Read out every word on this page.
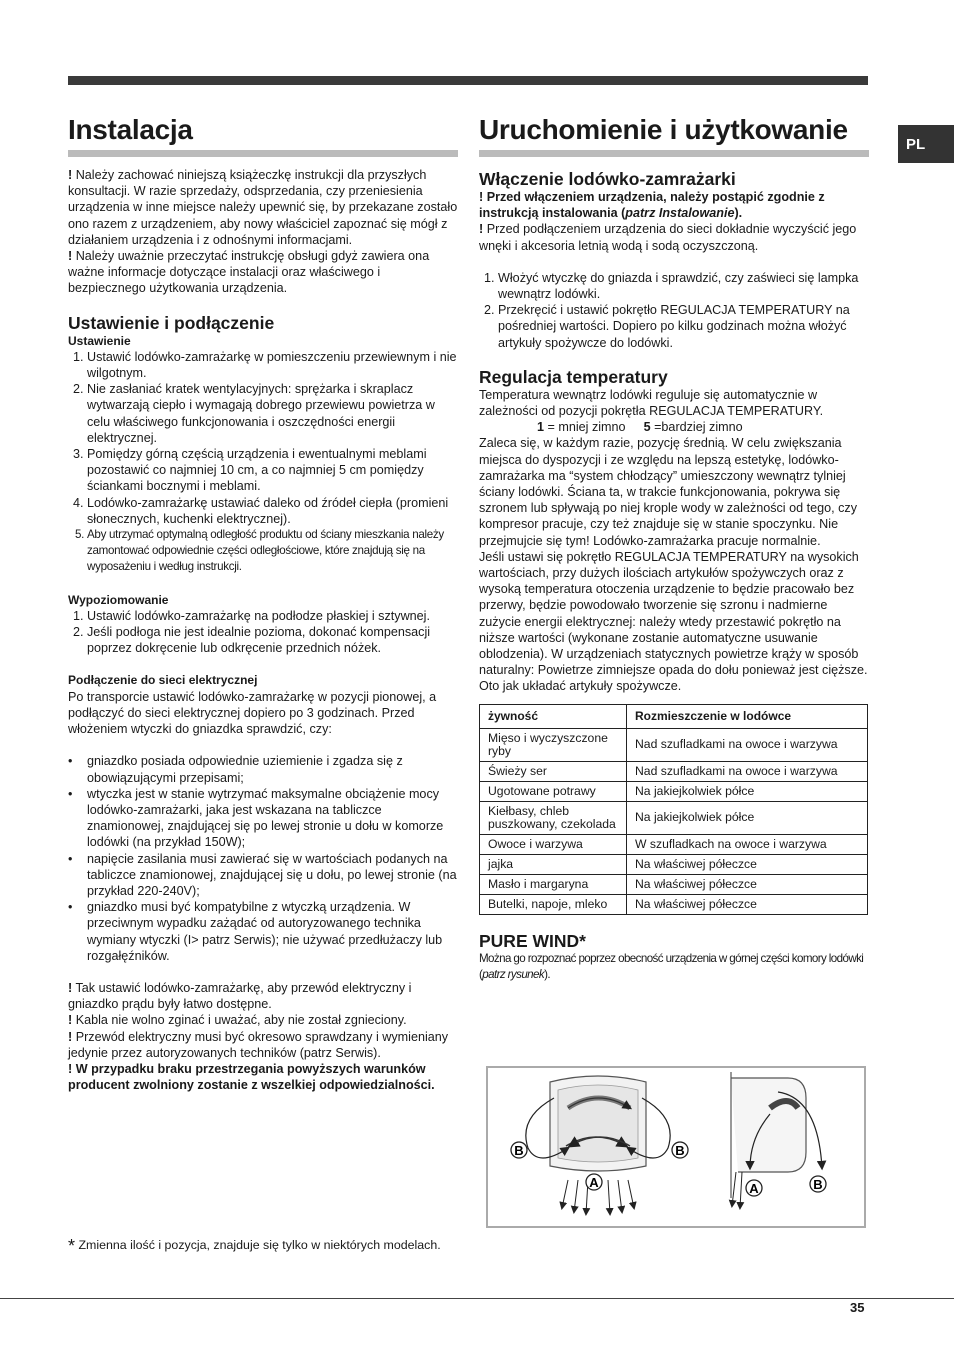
PL
Instalacja

! Należy zachować niniejszą książeczkę instrukcji dla przyszłych konsultacji. W razie sprzedaży, odsprzedania, czy przeniesienia urządzenia w inne miejsce należy upewnić się, by przekazane zostało ono razem z urządzeniem, aby nowy właściciel zapoznać się mógł z działaniem urządzenia i z odnośnymi informacjami.

! Należy uważnie przeczytać instrukcję obsługi gdyż zawiera ona ważne informacje dotyczące instalacji oraz właściwego i bezpiecznego użytkowania urządzenia.

Ustawienie i podłączenie
Ustawienie
1. Ustawić lodówko-zamrażarkę w pomieszczeniu przewiewnym i nie wilgotnym.
2. Nie zasłaniać kratek wentylacyjnych: sprężarka i skraplacz wytwarzają ciepło i wymagają dobrego przewiewu powietrza w celu właściwego funkcjonowania i oszczędności energii elektrycznej.
3. Pomiędzy górną częścią urządzenia i ewentualnymi meblami pozostawić co najmniej 10 cm, a co najmniej 5 cm pomiędzy ściankami bocznymi i meblami.
4. Lodówko-zamrażarkę ustawiać daleko od źródeł ciepła (promieni słonecznych, kuchenki elektrycznej).
5. Aby utrzymać optymalną odległość produktu od ściany mieszkania należy zamontować odpowiednie części odległościowe, które znajdują się na wyposażeniu i według instrukcji.
Wypoziomowanie
1. Ustawić lodówko-zamrażarkę na podłodze płaskiej i sztywnej.
2. Jeśli podłoga nie jest idealnie pozioma, dokonać kompensacji poprzez dokręcenie lub odkręcenie przednich nóżek.
Podłączenie do sieci elektrycznej

Po transporcie ustawić lodówko-zamrażarkę w pozycji pionowej, a podłączyć do sieci elektrycznej dopiero po 3 godzinach. Przed włożeniem wtyczki do gniazdka sprawdzić, czy:

• gniazdko posiada odpowiednie uziemienie i zgadza się z obowiązującymi przepisami;
• wtyczka jest w stanie wytrzymać maksymalne obciążenie mocy lodówko-zamrażarki, jaka jest wskazana na tabliczce znamionowej, znajdującej się po lewej stronie u dołu w komorze lodówki (na przykład 150W);
• napięcie zasilania musi zawierać się w wartościach podanych na tabliczce znamionowej, znajdującej się u dołu, po lewej stronie (na przykład 220-240V);
• gniazdko musi być kompatybilne z wtyczką urządzenia. W przeciwnym wypadku zażądać od autoryzowanego technika wymiany wtyczki (I> patrz Serwis); nie używać przedłużaczy lub rozgałęźników.

! Tak ustawić lodówko-zamrażarkę, aby przewód elektryczny i gniazdko prądu były łatwo dostępne.

! Kabla nie wolno zginać i uważać, aby nie został zgnieciony.

! Przewód elektryczny musi być okresowo sprawdzany i wymieniany jedynie przez autoryzowanych techników (patrz Serwis).

! W przypadku braku przestrzegania powyższych warunków producent zwolniony zostanie z wszelkiej odpowiedzialności.

* Zmienna ilość i pozycja, znajduje się tylko w niektórych modelach.
Uruchomienie i użytkowanie
Włączenie lodówko-zamrażarki

! Przed włączeniem urządzenia, należy postąpić zgodnie z instrukcją instalowania (patrz Instalowanie).

! Przed podłączeniem urządzenia do sieci dokładnie wyczyścić jego wnęki i akcesoria letnią wodą i sodą oczyszczoną.

1. Włożyć wtyczkę do gniazda i sprawdzić, czy zaświeci się lampka wewnątrz lodówki.
2. Przekręcić i ustawić pokrętło REGULACJA TEMPERATURY na pośredniej wartości. Dopiero po kilku godzinach można włożyć artykuły spożywcze do lodówki.
Regulacja temperatury

Temperatura wewnątrz lodówki reguluje się automatycznie w zależności od pozycji pokrętła REGULACJA TEMPERATURY.

1 = mniej zimno 5 =bardziej zimno

Zaleca się, w każdym razie, pozycję średnią. W celu zwiększania miejsca do dyspozycji i ze względu na lepszą estetykę, lodówko-zamrażarka ma “system chłodzący” umieszczony wewnątrz tylniej ściany lodówki. Ściana ta, w trakcie funkcjonowania, pokrywa się szronem lub spływają po niej krople wody w zależności od tego, czy kompresor pracuje, czy też znajduje się w stanie spoczynku. Nie przejmujcie się tym! Lodówko-zamrażarka pracuje normalnie.

Jeśli ustawi się pokrętło REGULACJA TEMPERATURY na wysokich wartościach, przy dużych ilościach artykułów spożywczych oraz z wysoką temperatura otoczenia urządzenie to będzie pracowało bez przerwy, będzie powodowało tworzenie się szronu i nadmierne zużycie energii elektrycznej: należy wtedy przestawić pokrętło na niższe wartości (wykonane zostanie automatyczne usuwanie oblodzenia). W urządzeniach statycznych powietrze krąży w sposób naturalny: Powietrze zimniejsze opada do dołu ponieważ jest cięższe. Oto jak układać artykuły spożywcze.

żywność	Rozmieszczenie w lodówce
Mięso i wyczyszczone ryby	Nad szufladkami na owoce i warzywa
Świeży ser	Nad szufladkami na owoce i warzywa
Ugotowane potrawy	Na jakiejkolwiek półce
Kiełbasy, chleb puszkowany, czekolada	Na jakiejkolwiek półce
Owoce i warzywa	W szufladkach na owoce i warzywa
jajka	Na właściwej półeczce
Masło i margaryna	Na właściwej półeczce
Butelki, napoje, mleko	Na właściwej półeczce
PURE WIND*

Można go rozpoznać poprzez obecność urządzenia w górnej części komory lodówki (patrz rysunek).

B	B
A	A	B
35
